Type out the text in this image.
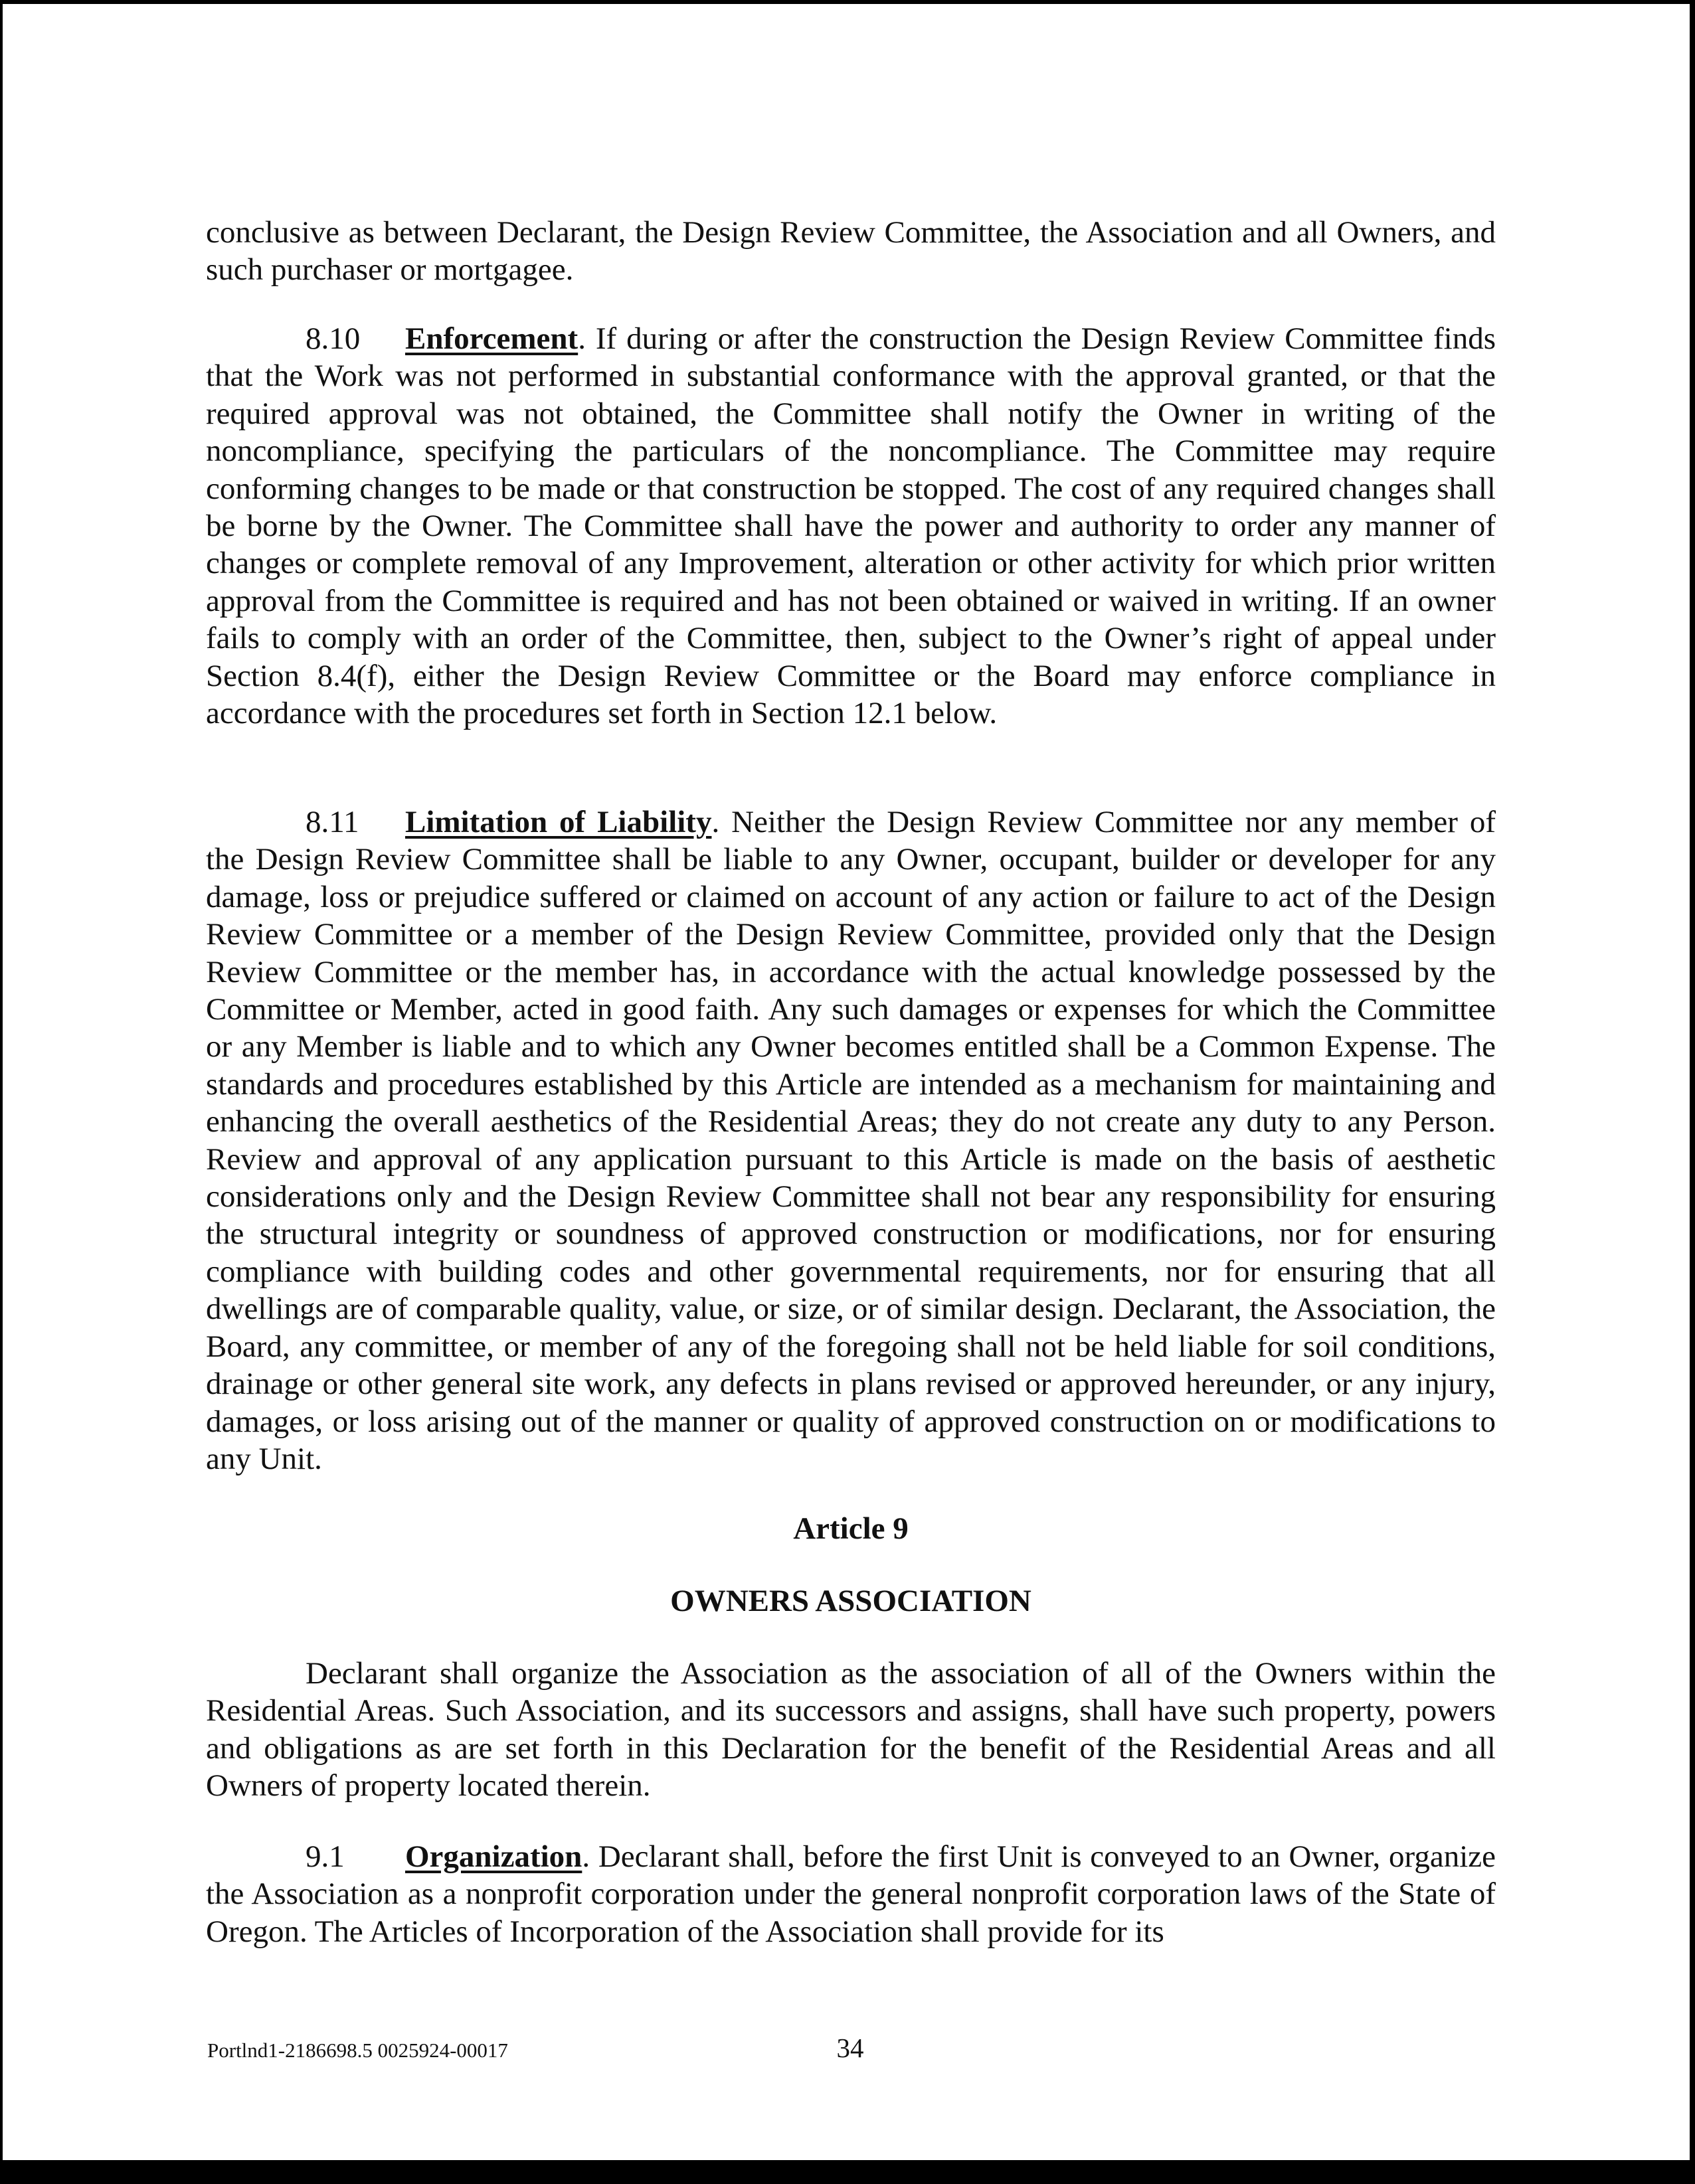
conclusive as between Declarant, the Design Review Committee, the Association and all Owners, and such purchaser or mortgagee.

8.10 Enforcement. If during or after the construction the Design Review Committee finds that the Work was not performed in substantial conformance with the approval granted, or that the required approval was not obtained, the Committee shall notify the Owner in writing of the noncompliance, specifying the particulars of the noncompliance. The Committee may require conforming changes to be made or that construction be stopped. The cost of any required changes shall be borne by the Owner. The Committee shall have the power and authority to order any manner of changes or complete removal of any Improvement, alteration or other activity for which prior written approval from the Committee is required and has not been obtained or waived in writing. If an owner fails to comply with an order of the Committee, then, subject to the Owner’s right of appeal under Section 8.4(f), either the Design Review Committee or the Board may enforce compliance in accordance with the procedures set forth in Section 12.1 below.

8.11 Limitation of Liability. Neither the Design Review Committee nor any member of the Design Review Committee shall be liable to any Owner, occupant, builder or developer for any damage, loss or prejudice suffered or claimed on account of any action or failure to act of the Design Review Committee or a member of the Design Review Committee, provided only that the Design Review Committee or the member has, in accordance with the actual knowledge possessed by the Committee or Member, acted in good faith. Any such damages or expenses for which the Committee or any Member is liable and to which any Owner becomes entitled shall be a Common Expense. The standards and procedures established by this Article are intended as a mechanism for maintaining and enhancing the overall aesthetics of the Residential Areas; they do not create any duty to any Person. Review and approval of any application pursuant to this Article is made on the basis of aesthetic considerations only and the Design Review Committee shall not bear any responsibility for ensuring the structural integrity or soundness of approved construction or modifications, nor for ensuring compliance with building codes and other governmental requirements, nor for ensuring that all dwellings are of comparable quality, value, or size, or of similar design. Declarant, the Association, the Board, any committee, or member of any of the foregoing shall not be held liable for soil conditions, drainage or other general site work, any defects in plans revised or approved hereunder, or any injury, damages, or loss arising out of the manner or quality of approved construction on or modifications to any Unit.

Article 9

OWNERS ASSOCIATION

Declarant shall organize the Association as the association of all of the Owners within the Residential Areas. Such Association, and its successors and assigns, shall have such property, powers and obligations as are set forth in this Declaration for the benefit of the Residential Areas and all Owners of property located therein.

9.1 Organization. Declarant shall, before the first Unit is conveyed to an Owner, organize the Association as a nonprofit corporation under the general nonprofit corporation laws of the State of Oregon. The Articles of Incorporation of the Association shall provide for its

Portlnd1-2186698.5 0025924-00017	34
